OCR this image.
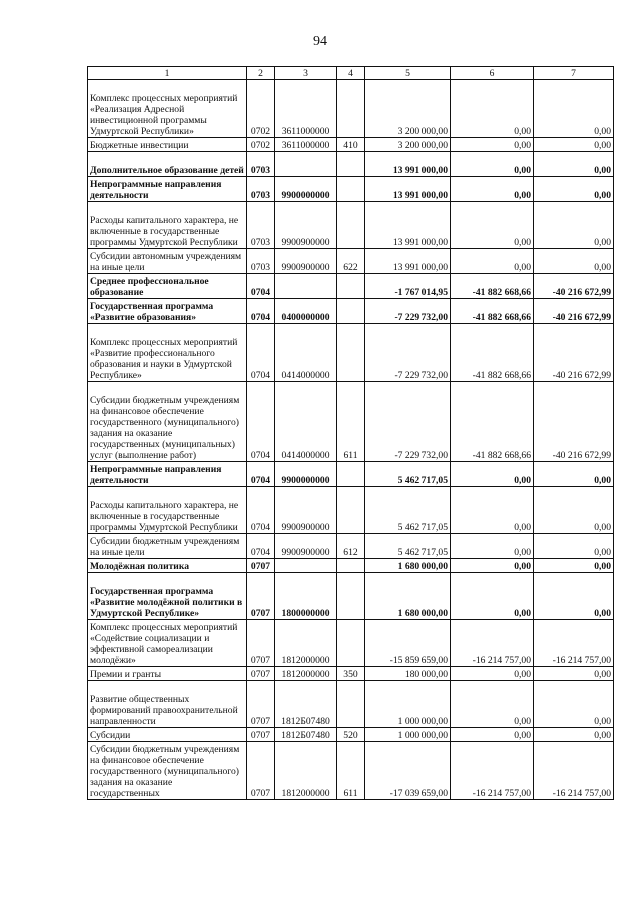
94
1	2	3	4	5	6	7
Комплекс процессных мероприятий «Реализация Адресной инвестиционной программы Удмуртской Республики»	0702	3611000000		3 200 000,00	0,00	0,00
Бюджетные инвестиции	0702	3611000000	410	3 200 000,00	0,00	0,00
Дополнительное образование детей	0703			13 991 000,00	0,00	0,00
Непрограммные направления деятельности	0703	9900000000		13 991 000,00	0,00	0,00
Расходы капитального характера, не включенные в государственные программы Удмуртской Республики	0703	9900900000		13 991 000,00	0,00	0,00
Субсидии автономным учреждениям на иные цели	0703	9900900000	622	13 991 000,00	0,00	0,00
Среднее профессиональное образование	0704			-1 767 014,95	-41 882 668,66	-40 216 672,99
Государственная программа «Развитие образования»	0704	0400000000		-7 229 732,00	-41 882 668,66	-40 216 672,99
Комплекс процессных мероприятий «Развитие профессионального образования и науки в Удмуртской Республике»	0704	0414000000		-7 229 732,00	-41 882 668,66	-40 216 672,99
Субсидии бюджетным учреждениям на финансовое обеспечение государственного (муниципального) задания на оказание государственных (муниципальных) услуг (выполнение работ)	0704	0414000000	611	-7 229 732,00	-41 882 668,66	-40 216 672,99
Непрограммные направления деятельности	0704	9900000000		5 462 717,05	0,00	0,00
Расходы капитального характера, не включенные в государственные программы Удмуртской Республики	0704	9900900000		5 462 717,05	0,00	0,00
Субсидии бюджетным учреждениям на иные цели	0704	9900900000	612	5 462 717,05	0,00	0,00
Молодёжная политика	0707			1 680 000,00	0,00	0,00
Государственная программа «Развитие молодёжной политики в Удмуртской Республике»	0707	1800000000		1 680 000,00	0,00	0,00
Комплекс процессных мероприятий «Содействие социализации и эффективной самореализации молодёжи»	0707	1812000000		-15 859 659,00	-16 214 757,00	-16 214 757,00
Премии и гранты	0707	1812000000	350	180 000,00	0,00	0,00
Развитие общественных формирований правоохранительной направленности	0707	1812Б07480		1 000 000,00	0,00	0,00
Субсидии	0707	1812Б07480	520	1 000 000,00	0,00	0,00
Субсидии бюджетным учреждениям на финансовое обеспечение государственного (муниципального) задания на оказание государственных	0707	1812000000	611	-17 039 659,00	-16 214 757,00	-16 214 757,00
